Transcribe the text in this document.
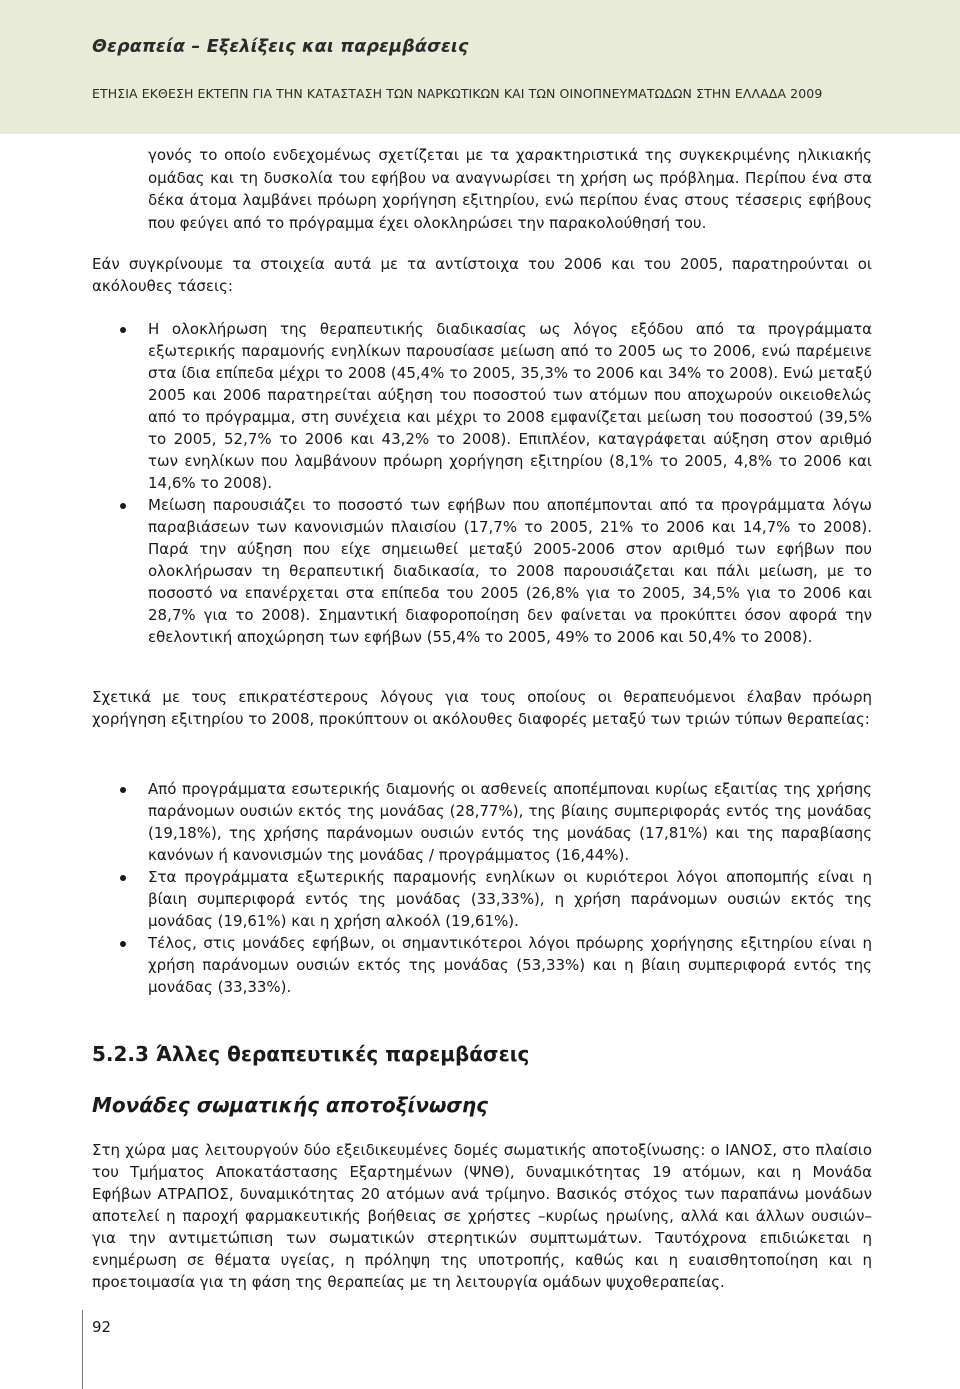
Θεραπεία – Εξελίξεις και παρεμβάσεις
ΕΤΗΣΙΑ ΕΚΘΕΣΗ ΕΚΤΕΠΝ ΓΙΑ ΤΗΝ ΚΑΤΑΣΤΑΣΗ ΤΩΝ ΝΑΡΚΩΤΙΚΩΝ ΚΑΙ ΤΩΝ ΟΙΝΟΠΝΕΥΜΑΤΩΔΩΝ ΣΤΗΝ ΕΛΛΑΔΑ 2009
γονός το οποίο ενδεχομένως σχετίζεται με τα χαρακτηριστικά της συγκεκριμένης ηλικιακής ομάδας και τη δυσκολία του εφήβου να αναγνωρίσει τη χρήση ως πρόβλημα. Περίπου ένα στα δέκα άτομα λαμβάνει πρόωρη χορήγηση εξιτηρίου, ενώ περίπου ένας στους τέσσερις εφήβους που φεύγει από το πρόγραμμα έχει ολοκληρώσει την παρακολούθησή του.
Εάν συγκρίνουμε τα στοιχεία αυτά με τα αντίστοιχα του 2006 και του 2005, παρατηρούνται οι ακόλουθες τάσεις:
Η ολοκλήρωση της θεραπευτικής διαδικασίας ως λόγος εξόδου από τα προγράμματα εξωτερικής παραμονής ενηλίκων παρουσίασε μείωση από το 2005 ως το 2006, ενώ παρέμεινε στα ίδια επίπεδα μέχρι το 2008 (45,4% το 2005, 35,3% το 2006 και 34% το 2008). Ενώ μεταξύ 2005 και 2006 παρατηρείται αύξηση του ποσοστού των ατόμων που αποχωρούν οικειοθελώς από το πρόγραμμα, στη συνέχεια και μέχρι το 2008 εμφανίζεται μείωση του ποσοστού (39,5% το 2005, 52,7% το 2006 και 43,2% το 2008). Επιπλέον, καταγράφεται αύξηση στον αριθμό των ενηλίκων που λαμβάνουν πρόωρη χορήγηση εξιτηρίου (8,1% το 2005, 4,8% το 2006 και 14,6% το 2008).
Μείωση παρουσιάζει το ποσοστό των εφήβων που αποπέμπονται από τα προγράμματα λόγω παραβιάσεων των κανονισμών πλαισίου (17,7% το 2005, 21% το 2006 και 14,7% το 2008). Παρά την αύξηση που είχε σημειωθεί μεταξύ 2005-2006 στον αριθμό των εφήβων που ολοκλήρωσαν τη θεραπευτική διαδικασία, το 2008 παρουσιάζεται και πάλι μείωση, με το ποσοστό να επανέρχεται στα επίπεδα του 2005 (26,8% για το 2005, 34,5% για το 2006 και 28,7% για το 2008). Σημαντική διαφοροποίηση δεν φαίνεται να προκύπτει όσον αφορά την εθελοντική αποχώρηση των εφήβων (55,4% το 2005, 49% το 2006 και 50,4% το 2008).
Σχετικά με τους επικρατέστερους λόγους για τους οποίους οι θεραπευόμενοι έλαβαν πρόωρη χορήγηση εξιτηρίου το 2008, προκύπτουν οι ακόλουθες διαφορές μεταξύ των τριών τύπων θεραπείας:
Από προγράμματα εσωτερικής διαμονής οι ασθενείς αποπέμποναι κυρίως εξαιτίας της χρήσης παράνομων ουσιών εκτός της μονάδας (28,77%), της βίαιης συμπεριφοράς εντός της μονάδας (19,18%), της χρήσης παράνομων ουσιών εντός της μονάδας (17,81%) και της παραβίασης κανόνων ή κανονισμών της μονάδας / προγράμματος (16,44%).
Στα προγράμματα εξωτερικής παραμονής ενηλίκων οι κυριότεροι λόγοι αποπομπής είναι η βίαιη συμπεριφορά εντός της μονάδας (33,33%), η χρήση παράνομων ουσιών εκτός της μονάδας (19,61%) και η χρήση αλκοόλ (19,61%).
Τέλος, στις μονάδες εφήβων, οι σημαντικότεροι λόγοι πρόωρης χορήγησης εξιτηρίου είναι η χρήση παράνομων ουσιών εκτός της μονάδας (53,33%) και η βίαιη συμπεριφορά εντός της μονάδας (33,33%).
5.2.3 Άλλες θεραπευτικές παρεμβάσεις
Μονάδες σωματικής αποτοξίνωσης
Στη χώρα μας λειτουργούν δύο εξειδικευμένες δομές σωματικής αποτοξίνωσης: ο ΙΑΝΟΣ, στο πλαίσιο του Τμήματος Αποκατάστασης Εξαρτημένων (ΨΝΘ), δυναμικότητας 19 ατόμων, και η Μονάδα Εφήβων ΑΤΡΑΠΟΣ, δυναμικότητας 20 ατόμων ανά τρίμηνο. Βασικός στόχος των παραπάνω μονάδων αποτελεί η παροχή φαρμακευτικής βοήθειας σε χρήστες –κυρίως ηρωίνης, αλλά και άλλων ουσιών– για την αντιμετώπιση των σωματικών στερητικών συμπτωμάτων. Ταυτόχρονα επιδιώκεται η ενημέρωση σε θέματα υγείας, η πρόληψη της υποτροπής, καθώς και η ευαισθητοποίηση και η προετοιμασία για τη φάση της θεραπείας με τη λειτουργία ομάδων ψυχοθεραπείας.
92
